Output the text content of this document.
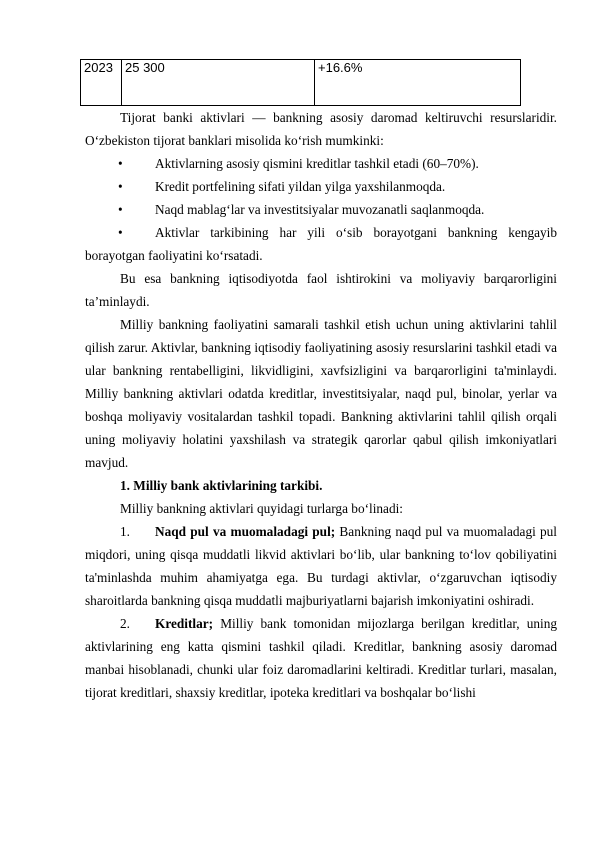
2023	25 300	+16.6%

Tijorat banki aktivlari — bankning asosiy daromad keltiruvchi resurslaridir. O‘zbekiston tijorat banklari misolida ko‘rish mumkinki:

• Aktivlarning asosiy qismini kreditlar tashkil etadi (60–70%).

• Kredit portfelining sifati yildan yilga yaxshilanmoqda.

• Naqd mablag‘lar va investitsiyalar muvozanatli saqlanmoqda.

• Aktivlar tarkibining har yili o‘sib borayotgani bankning kengayib borayotgan faoliyatini ko‘rsatadi.

Bu esa bankning iqtisodiyotda faol ishtirokini va moliyaviy barqarorligini ta’minlaydi.

Milliy bankning faoliyatini samarali tashkil etish uchun uning aktivlarini tahlil qilish zarur. Aktivlar, bankning iqtisodiy faoliyatining asosiy resurslarini tashkil etadi va ular bankning rentabelligini, likvidligini, xavfsizligini va barqarorligini ta'minlaydi. Milliy bankning aktivlari odatda kreditlar, investitsiyalar, naqd pul, binolar, yerlar va boshqa moliyaviy vositalardan tashkil topadi. Bankning aktivlarini tahlil qilish orqali uning moliyaviy holatini yaxshilash va strategik qarorlar qabul qilish imkoniyatlari mavjud.

1. Milliy bank aktivlarining tarkibi.

Milliy bankning aktivlari quyidagi turlarga bo‘linadi:

1. Naqd pul va muomaladagi pul; Bankning naqd pul va muomaladagi pul miqdori, uning qisqa muddatli likvid aktivlari bo‘lib, ular bankning to‘lov qobiliyatini ta'minlashda muhim ahamiyatga ega. Bu turdagi aktivlar, o‘zgaruvchan iqtisodiy sharoitlarda bankning qisqa muddatli majburiyatlarni bajarish imkoniyatini oshiradi.

2. Kreditlar; Milliy bank tomonidan mijozlarga berilgan kreditlar, uning aktivlarining eng katta qismini tashkil qiladi. Kreditlar, bankning asosiy daromad manbai hisoblanadi, chunki ular foiz daromadlarini keltiradi. Kreditlar turlari, masalan, tijorat kreditlari, shaxsiy kreditlar, ipoteka kreditlari va boshqalar bo‘lishi
